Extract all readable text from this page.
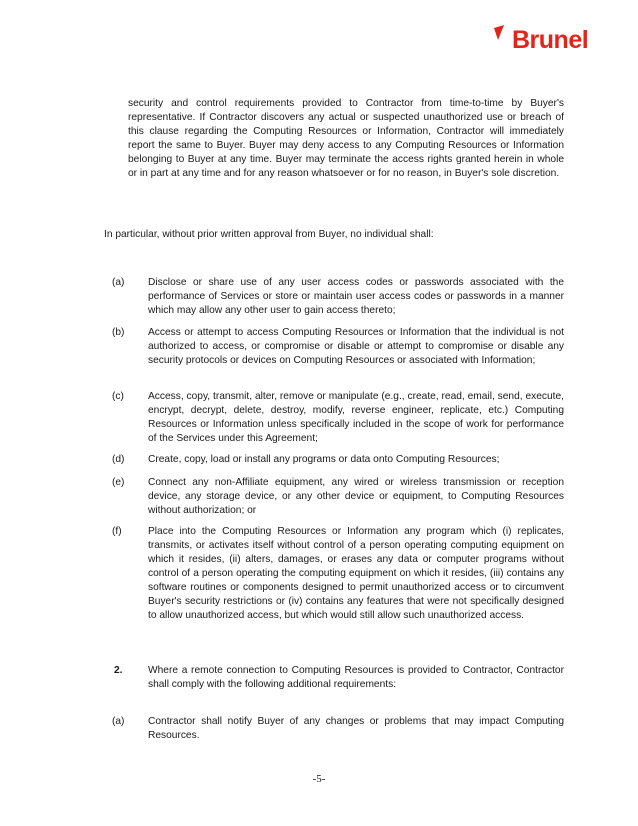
Brunel
security and control requirements provided to Contractor from time-to-time by Buyer's representative. If Contractor discovers any actual or suspected unauthorized use or breach of this clause regarding the Computing Resources or Information, Contractor will immediately report the same to Buyer. Buyer may deny access to any Computing Resources or Information belonging to Buyer at any time. Buyer may terminate the access rights granted herein in whole or in part at any time and for any reason whatsoever or for no reason, in Buyer's sole discretion.
In particular, without prior written approval from Buyer, no individual shall:
(a) Disclose or share use of any user access codes or passwords associated with the performance of Services or store or maintain user access codes or passwords in a manner which may allow any other user to gain access thereto;
(b) Access or attempt to access Computing Resources or Information that the individual is not authorized to access, or compromise or disable or attempt to compromise or disable any security protocols or devices on Computing Resources or associated with Information;
(c) Access, copy, transmit, alter, remove or manipulate (e.g., create, read, email, send, execute, encrypt, decrypt, delete, destroy, modify, reverse engineer, replicate, etc.) Computing Resources or Information unless specifically included in the scope of work for performance of the Services under this Agreement;
(d) Create, copy, load or install any programs or data onto Computing Resources;
(e) Connect any non-Affiliate equipment, any wired or wireless transmission or reception device, any storage device, or any other device or equipment, to Computing Resources without authorization; or
(f)	Place into the Computing Resources or Information any program which (i) replicates, transmits, or activates itself without control of a person operating computing equipment on which it resides, (ii) alters, damages, or erases any data or computer programs without control of a person operating the computing equipment on which it resides, (iii) contains any software routines or components designed to permit unauthorized access or to circumvent Buyer's security restrictions or (iv) contains any features that were not specifically designed to allow unauthorized access, but which would still allow such unauthorized access.
2.	Where a remote connection to Computing Resources is provided to Contractor, Contractor shall comply with the following additional requirements:
(a) Contractor shall notify Buyer of any changes or problems that may impact Computing Resources.
-5-
